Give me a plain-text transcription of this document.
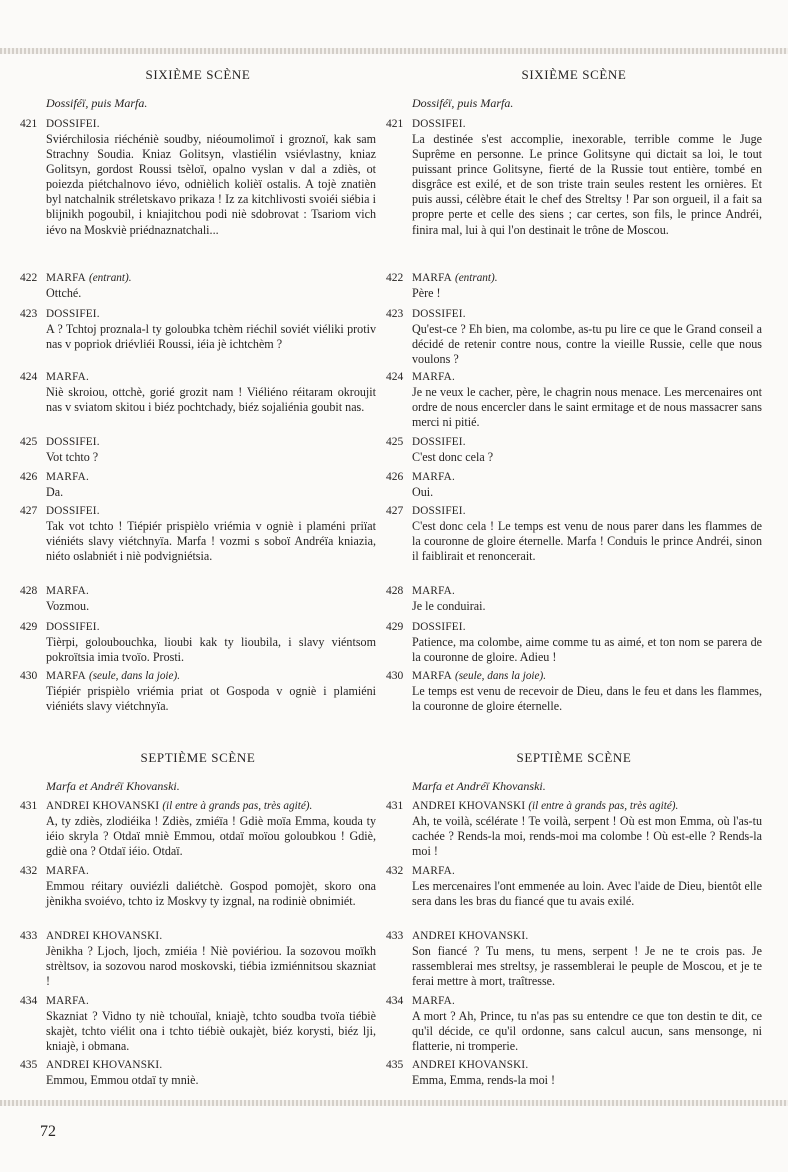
SIXIÈME SCÈNE
Dossiféï, puis Marfa.
421 DOSSIFEI.
Sviérchilosia riéchéniè soudby, niéoumolimoï i groznoï, kak sam Strachny Soudia. Kniaz Golitsyn, vlastiélin vsiévlastny, kniaz Golitsyn, gordost Roussi tsèloï, opalno vyslan v dal a zdiès, ot poiezda piétchalnovo iévo, odnièlich kolièï ostalis. A tojè znatièn byl natchalnik stréletskavo prikaza ! Iz za kitchlivosti svoiéi siébia i blijnikh pogoubil, i kniajitchou podi niè sdobrovat : Tsariom vich iévo na Moskviè priédnaznatchali...
422 MARFA (entrant).
Ottché.
423 DOSSIFEI.
A ? Tchtoj proznala-l ty goloubka tchèm riéchil soviét viéliki protiv nas v popriok driévliéi Roussi, iéia jè ichtchèm ?
424 MARFA.
Niè skroiou, ottchè, gorié grozit nam ! Viéliéno réitaram okroujit nas v sviatom skitou i biéz pochtchady, biéz sojaliénia goubit nas.
425 DOSSIFEI.
Vot tchto ?
426 MARFA.
Da.
427 DOSSIFEI.
Tak vot tchto ! Tiépiér prispièlo vriémia v ogniè i plaméni priïat viéniéts slavy viétchnyïa. Marfa ! vozmi s soboï Andréïa kniazia, niéto oslabniét i niè podvigniétsia.
428 MARFA.
Vozmou.
429 DOSSIFEI.
Tièrpi, goloubouchka, lioubi kak ty lioubila, i slavy viéntsom pokroïtsia imia tvoïo. Prosti.
430 MARFA (seule, dans la joie).
Tiépiér prispièlo vriémia priat ot Gospoda v ogniè i plamiéni viéniéts slavy viétchnyïa.
SEPTIÈME SCÈNE
Marfa et Andréï Khovanski.
431 ANDREI KHOVANSKI (il entre à grands pas, très agité).
A, ty zdiès, zlodiéika ! Zdiès, zmiéïa ! Gdiè moïa Emma, kouda ty iéio skryla ? Otdaï mniè Emmou, otdaï moïou goloubkou ! Gdiè, gdiè ona ? Otdaï iéio. Otdaï.
432 MARFA.
Emmou réitary ouviézli daliétchè. Gospod pomojèt, skoro ona jènikha svoiévo, tchto iz Moskvy ty izgnal, na rodiniè obnimiét.
433 ANDREI KHOVANSKI.
Jènikha ? Ljoch, ljoch, zmiéia ! Niè poviériou. Ia sozovou moïkh strèltsov, ia sozovou narod moskovski, tiébia izmiénnitsou skazniat !
434 MARFA.
Skazniat ? Vidno ty niè tchouïal, kniajè, tchto soudba tvoïa tiébiè skajèt, tchto viélit ona i tchto tiébiè oukajèt, biéz korysti, biéz lji, kniajè, i obmana.
435 ANDREI KHOVANSKI.
Emmou, Emmou otdaï ty mniè.
SIXIÈME SCÈNE
Dossiféï, puis Marfa.
421 DOSSIFEI.
La destinée s'est accomplie, inexorable, terrible comme le Juge Suprême en personne. Le prince Golitsyne qui dictait sa loi, le tout puissant prince Golitsyne, fierté de la Russie tout entière, tombé en disgrâce est exilé, et de son triste train seules restent les ornières. Et puis aussi, célèbre était le chef des Streltsy ! Par son orgueil, il a fait sa propre perte et celle des siens ; car certes, son fils, le prince Andréi, finira mal, lui à qui l'on destinait le trône de Moscou.
422 MARFA (entrant).
Père !
423 DOSSIFEI.
Qu'est-ce ? Eh bien, ma colombe, as-tu pu lire ce que le Grand conseil a décidé de retenir contre nous, contre la vieille Russie, celle que nous voulons ?
424 MARFA.
Je ne veux le cacher, père, le chagrin nous menace. Les mercenaires ont ordre de nous encercler dans le saint ermitage et de nous massacrer sans merci ni pitié.
425 DOSSIFEI.
C'est donc cela ?
426 MARFA.
Oui.
427 DOSSIFEI.
C'est donc cela ! Le temps est venu de nous parer dans les flammes de la couronne de gloire éternelle. Marfa ! Conduis le prince Andréi, sinon il faiblirait et renoncerait.
428 MARFA.
Je le conduirai.
429 DOSSIFEI.
Patience, ma colombe, aime comme tu as aimé, et ton nom se parera de la couronne de gloire. Adieu !
430 MARFA (seule, dans la joie).
Le temps est venu de recevoir de Dieu, dans le feu et dans les flammes, la couronne de gloire éternelle.
SEPTIÈME SCÈNE
Marfa et Andréï Khovanski.
431 ANDREI KHOVANSKI (il entre à grands pas, très agité).
Ah, te voilà, scélérate ! Te voilà, serpent ! Où est mon Emma, où l'as-tu cachée ? Rends-la moi, rends-moi ma colombe ! Où est-elle ? Rends-la moi !
432 MARFA.
Les mercenaires l'ont emmenée au loin. Avec l'aide de Dieu, bientôt elle sera dans les bras du fiancé que tu avais exilé.
433 ANDREI KHOVANSKI.
Son fiancé ? Tu mens, tu mens, serpent ! Je ne te crois pas. Je rassemblerai mes streltsy, je rassemblerai le peuple de Moscou, et je te ferai mettre à mort, traîtresse.
434 MARFA.
A mort ? Ah, Prince, tu n'as pas su entendre ce que ton destin te dit, ce qu'il décide, ce qu'il ordonne, sans calcul aucun, sans mensonge, ni flatterie, ni tromperie.
435 ANDREI KHOVANSKI.
Emma, Emma, rends-la moi !
72
